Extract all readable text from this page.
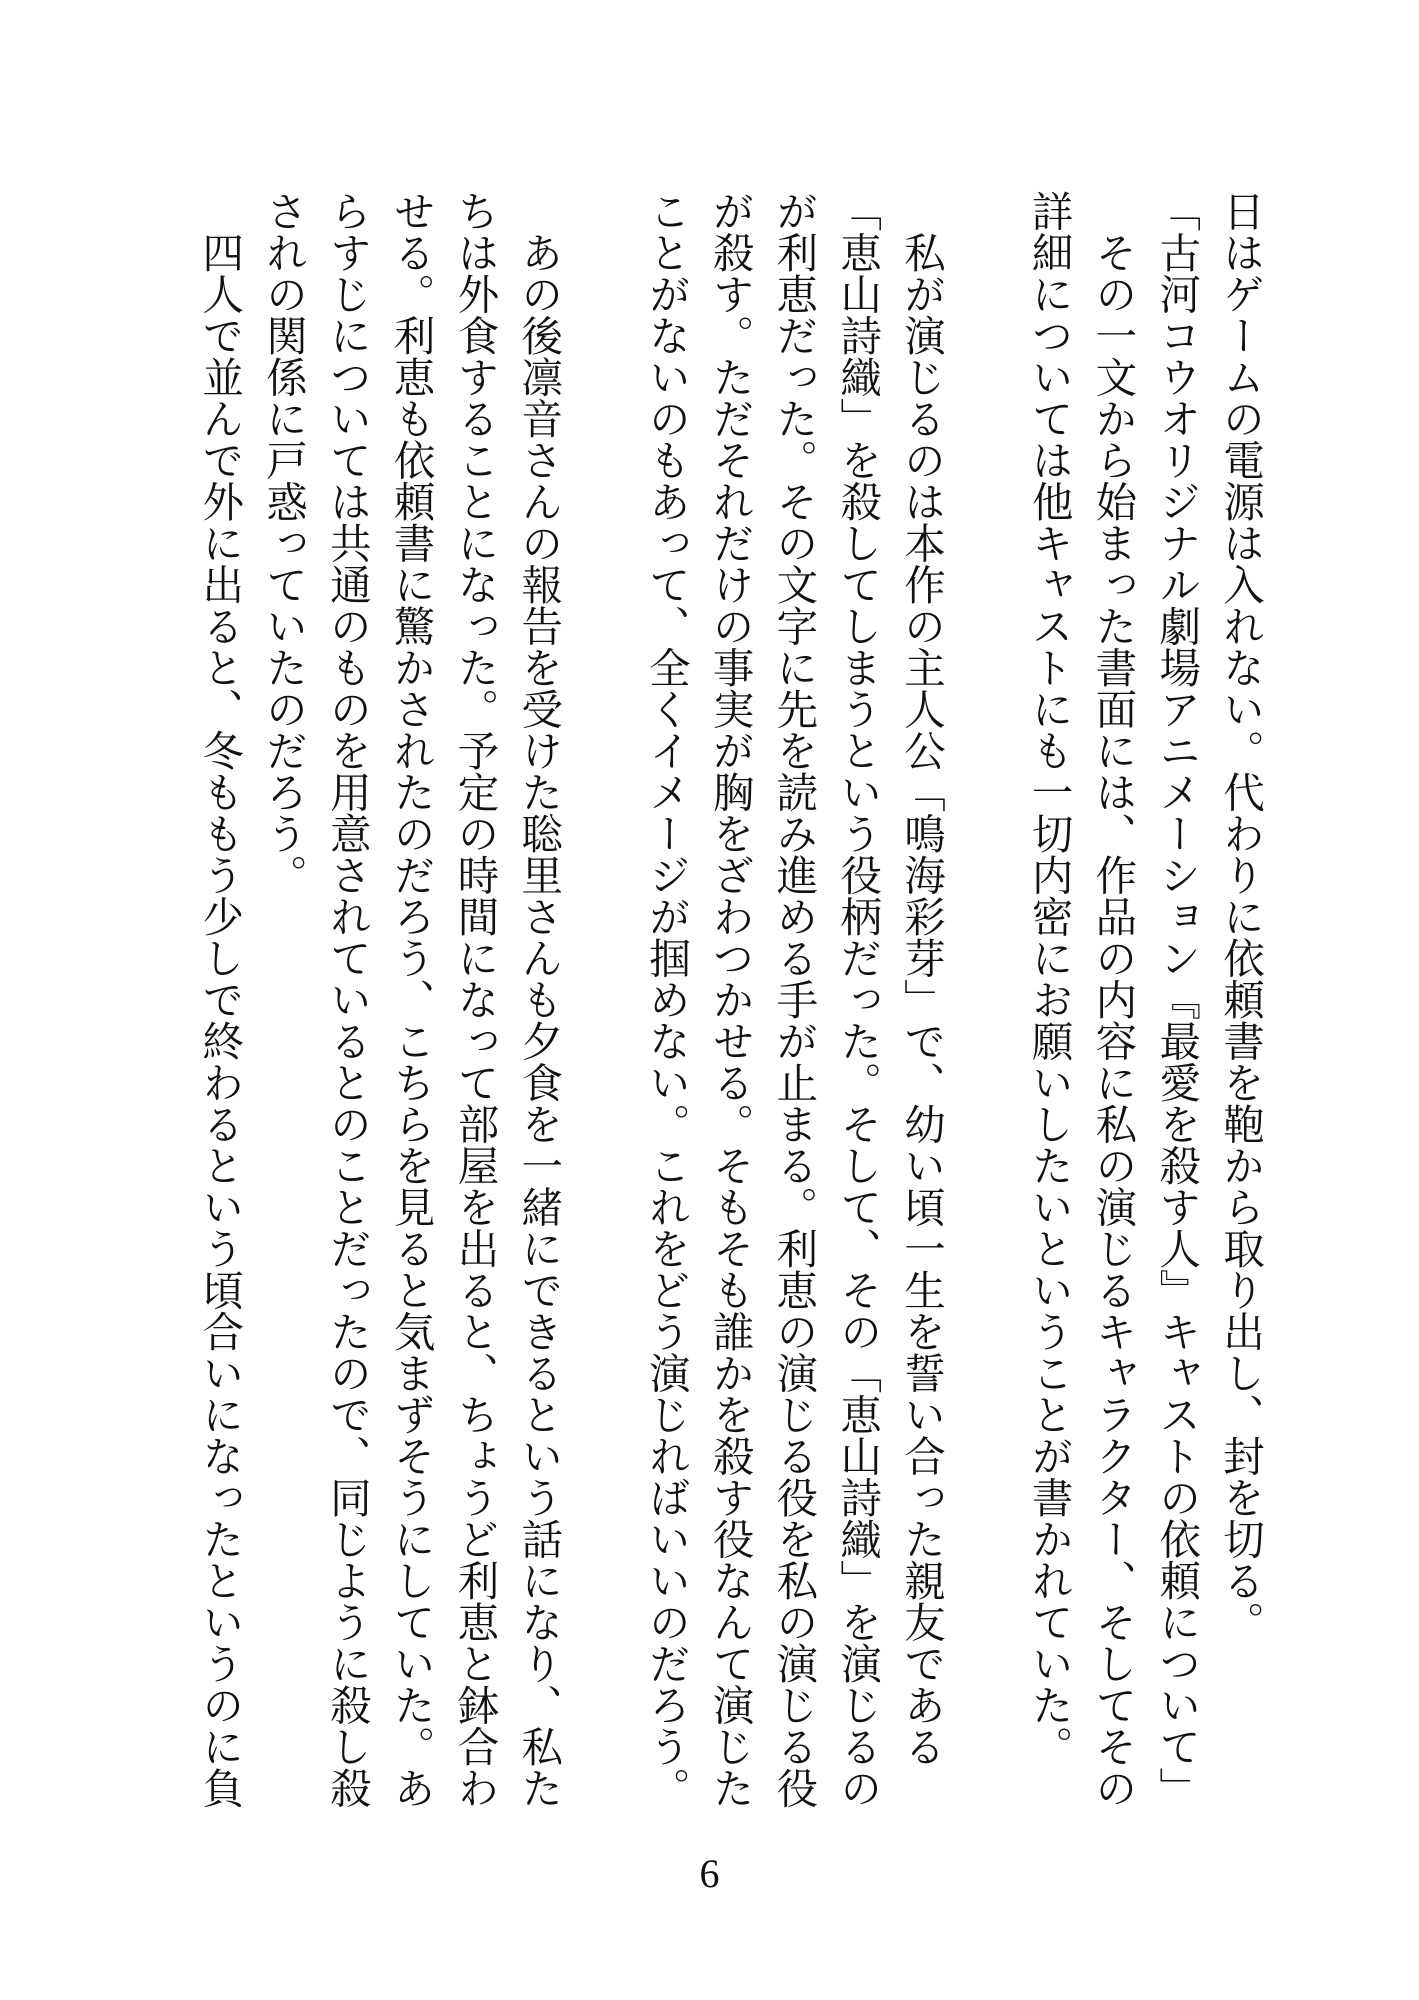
日はゲームの電源は入れない。代わりに依頼書を鞄から取り出し、封を切る。
「古河コウオリジナル劇場アニメーション『最愛を殺す人』キャストの依頼について」
　その一文から始まった書面には、作品の内容に私の演じるキャラクター、そしてその
詳細については他キャストにも一切内密にお願いしたいということが書かれていた。
　私が演じるのは本作の主人公「鳴海彩芽」で、幼い頃一生を誓い合った親友である
「恵山詩織」を殺してしまうという役柄だった。そして、その「恵山詩織」を演じるの
が利恵だった。その文字に先を読み進める手が止まる。利恵の演じる役を私の演じる役
が殺す。ただそれだけの事実が胸をざわつかせる。そもそも誰かを殺す役なんて演じた
ことがないのもあって、全くイメージが掴めない。これをどう演じればいいのだろう。
　あの後凛音さんの報告を受けた聡里さんも夕食を一緒にできるという話になり、私た
ちは外食することになった。予定の時間になって部屋を出ると、ちょうど利恵と鉢合わ
せる。利恵も依頼書に驚かされたのだろう、こちらを見ると気まずそうにしていた。あ
らすじについては共通のものを用意されているとのことだったので、同じように殺し殺
されの関係に戸惑っていたのだろう。
　四人で並んで外に出ると、冬ももう少しで終わるという頃合いになったというのに負
6
